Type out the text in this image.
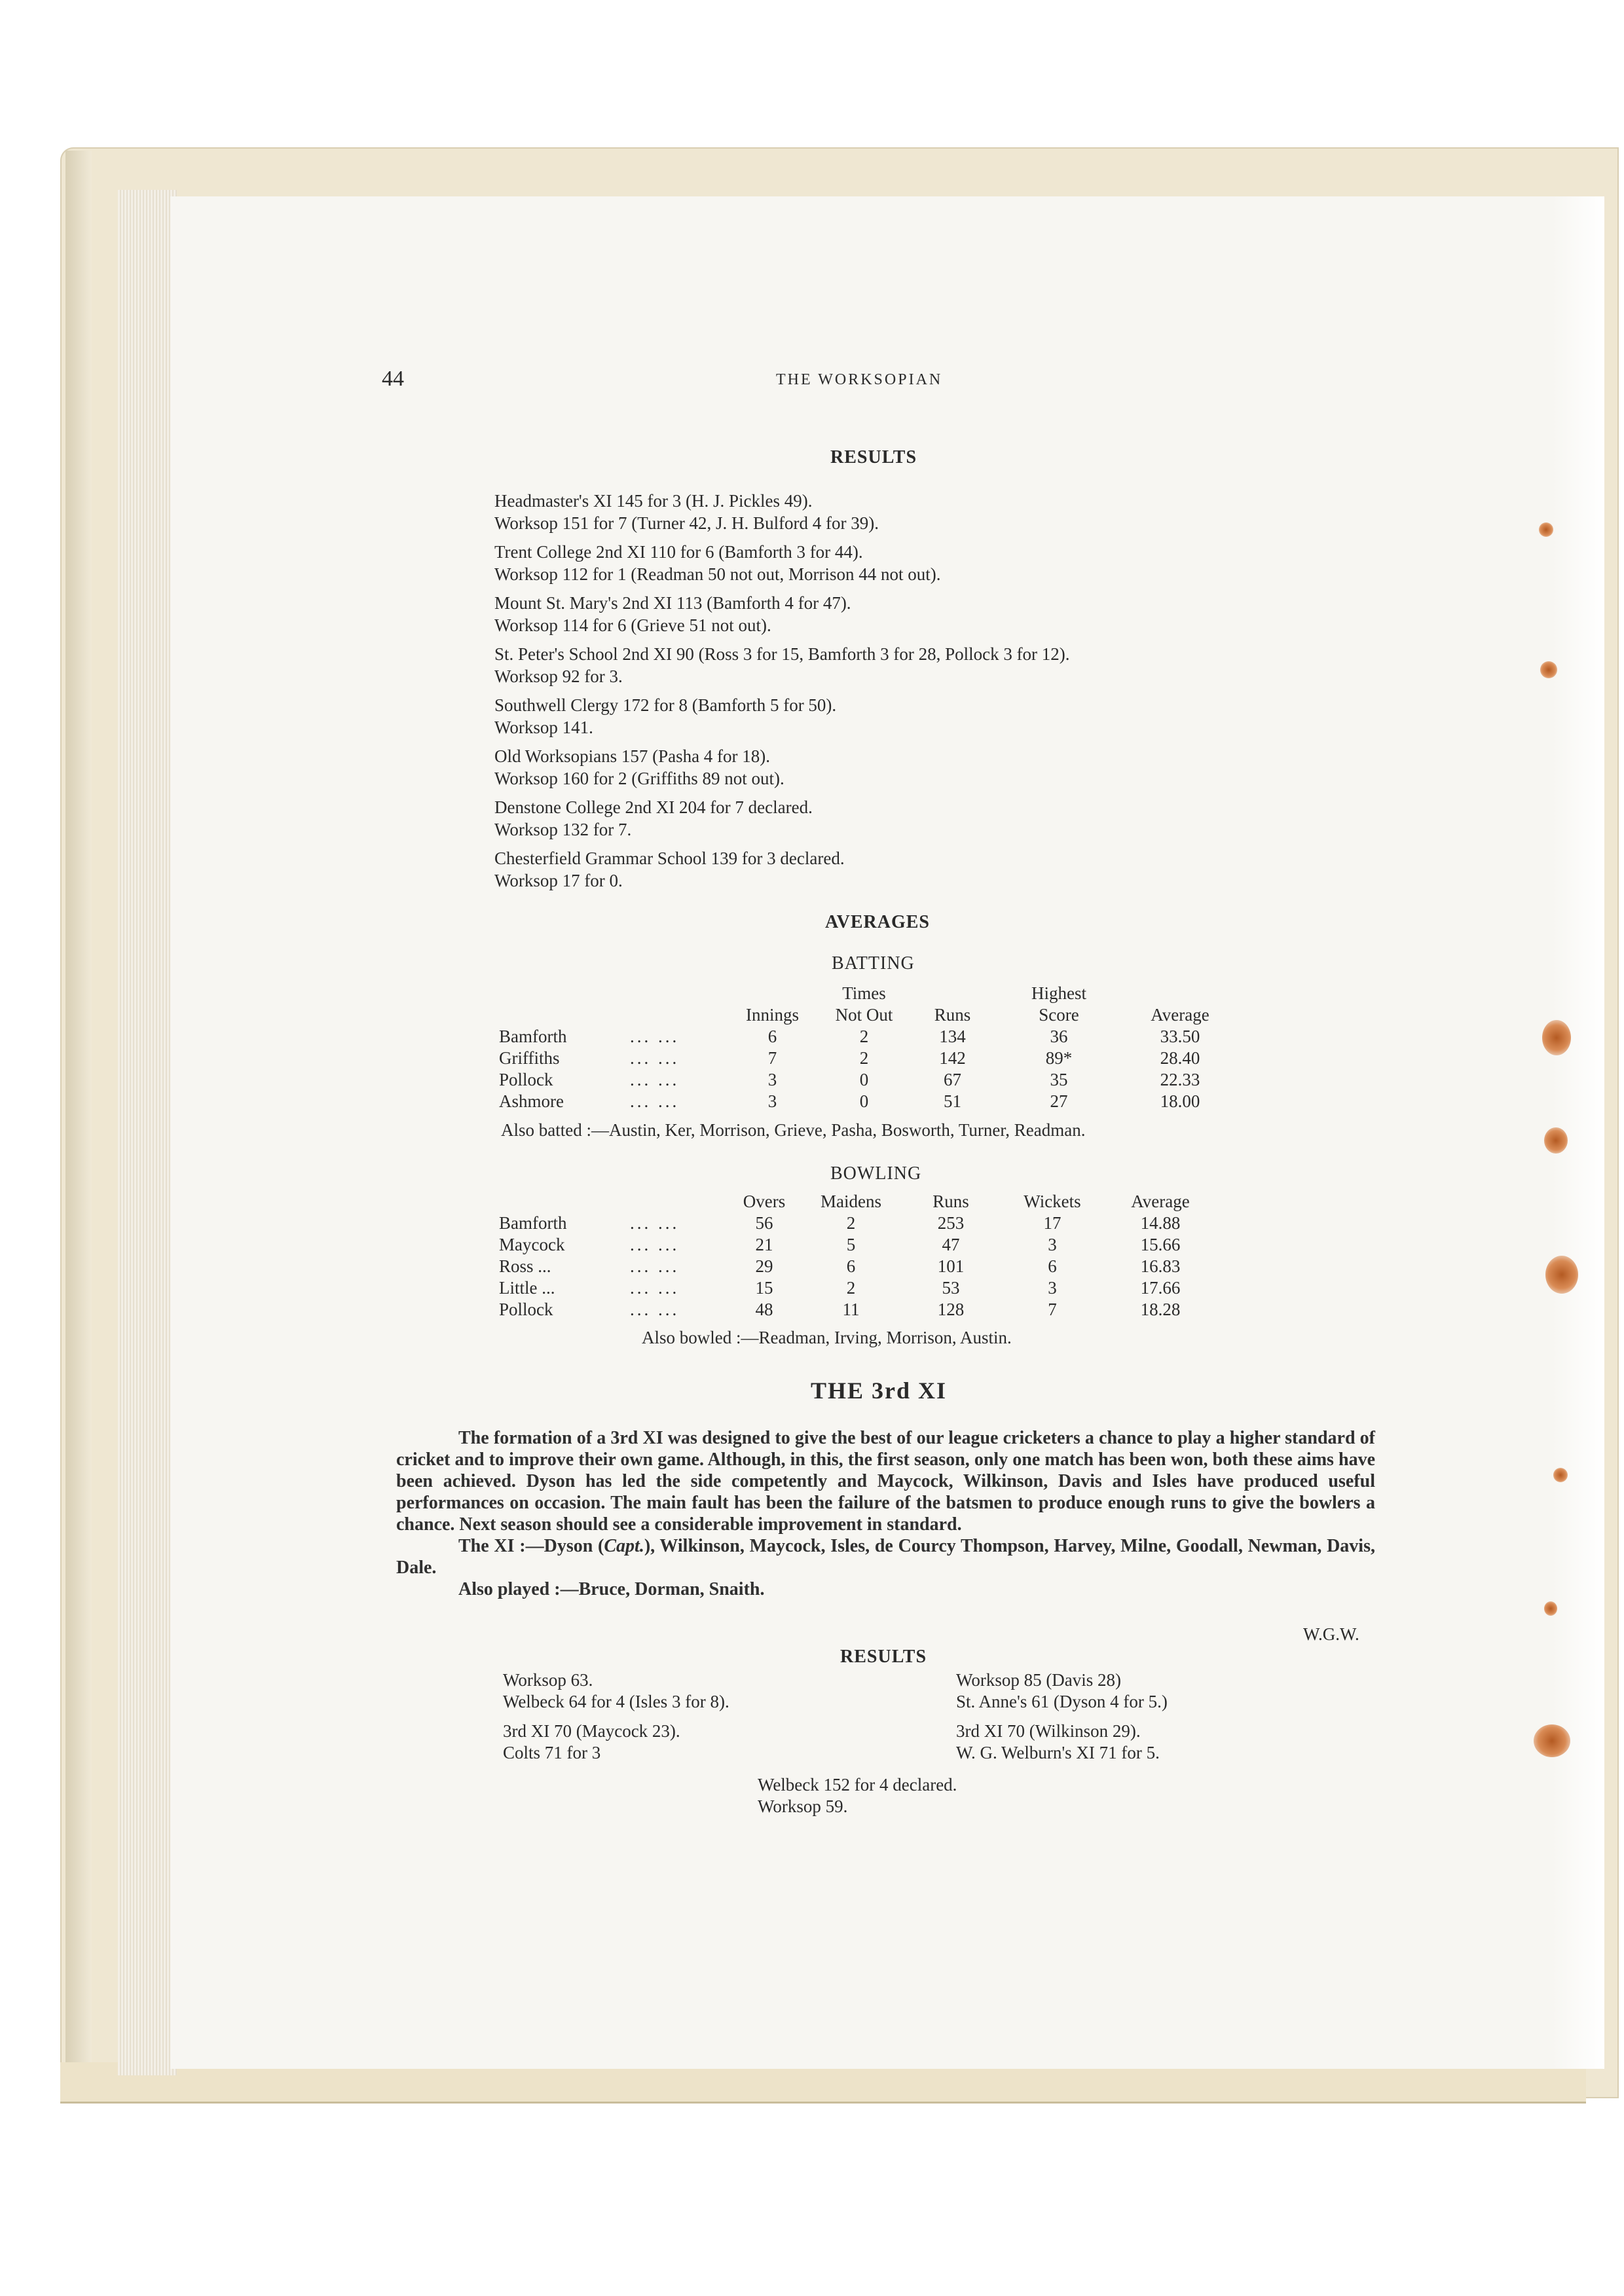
44	THE WORKSOPIAN
RESULTS
Headmaster's XI 145 for 3 (H. J. Pickles 49).
Worksop 151 for 7 (Turner 42, J. H. Bulford 4 for 39).
Trent College 2nd XI 110 for 6 (Bamforth 3 for 44).
Worksop 112 for 1 (Readman 50 not out, Morrison 44 not out).
Mount St. Mary's 2nd XI 113 (Bamforth 4 for 47).
Worksop 114 for 6 (Grieve 51 not out).
St. Peter's School 2nd XI 90 (Ross 3 for 15, Bamforth 3 for 28, Pollock 3 for 12).
Worksop 92 for 3.
Southwell Clergy 172 for 8 (Bamforth 5 for 50).
Worksop 141.
Old Worksopians 157 (Pasha 4 for 18).
Worksop 160 for 2 (Griffiths 89 not out).
Denstone College 2nd XI 204 for 7 declared.
Worksop 132 for 7.
Chesterfield Grammar School 139 for 3 declared.
Worksop 17 for 0.
AVERAGES
BATTING
			Times		Highest	
		Innings	Not Out	Runs	Score	Average
Bamforth	... ...	6	2	134	36	33.50
Griffiths	... ...	7	2	142	89*	28.40
Pollock	... ...	3	0	67	35	22.33
Ashmore	... ...	3	0	51	27	18.00
Also batted :—Austin, Ker, Morrison, Grieve, Pasha, Bosworth, Turner, Readman.
BOWLING
		Overs	Maidens	Runs	Wickets	Average
Bamforth	... ...	56	2	253	17	14.88
Maycock	... ...	21	5	47	3	15.66
Ross ...	... ...	29	6	101	6	16.83
Little ...	... ...	15	2	53	3	17.66
Pollock	... ...	48	11	128	7	18.28
Also bowled :—Readman, Irving, Morrison, Austin.
THE 3rd XI

The formation of a 3rd XI was designed to give the best of our league cricketers a chance to play a higher standard of cricket and to improve their own game. Although, in this, the first season, only one match has been won, both these aims have been achieved. Dyson has led the side competently and Maycock, Wilkinson, Davis and Isles have produced useful performances on occasion. The main fault has been the failure of the batsmen to produce enough runs to give the bowlers a chance. Next season should see a considerable improvement in standard.

The XI :—Dyson (Capt.), Wilkinson, Maycock, Isles, de Courcy Thompson, Harvey, Milne, Goodall, Newman, Davis, Dale.

Also played :—Bruce, Dorman, Snaith.

W.G.W.
RESULTS
Worksop 63.
Welbeck 64 for 4 (Isles 3 for 8).
3rd XI 70 (Maycock 23).
Colts 71 for 3
Worksop 85 (Davis 28)
St. Anne's 61 (Dyson 4 for 5.)
3rd XI 70 (Wilkinson 29).
W. G. Welburn's XI 71 for 5.
Welbeck 152 for 4 declared.
Worksop 59.
